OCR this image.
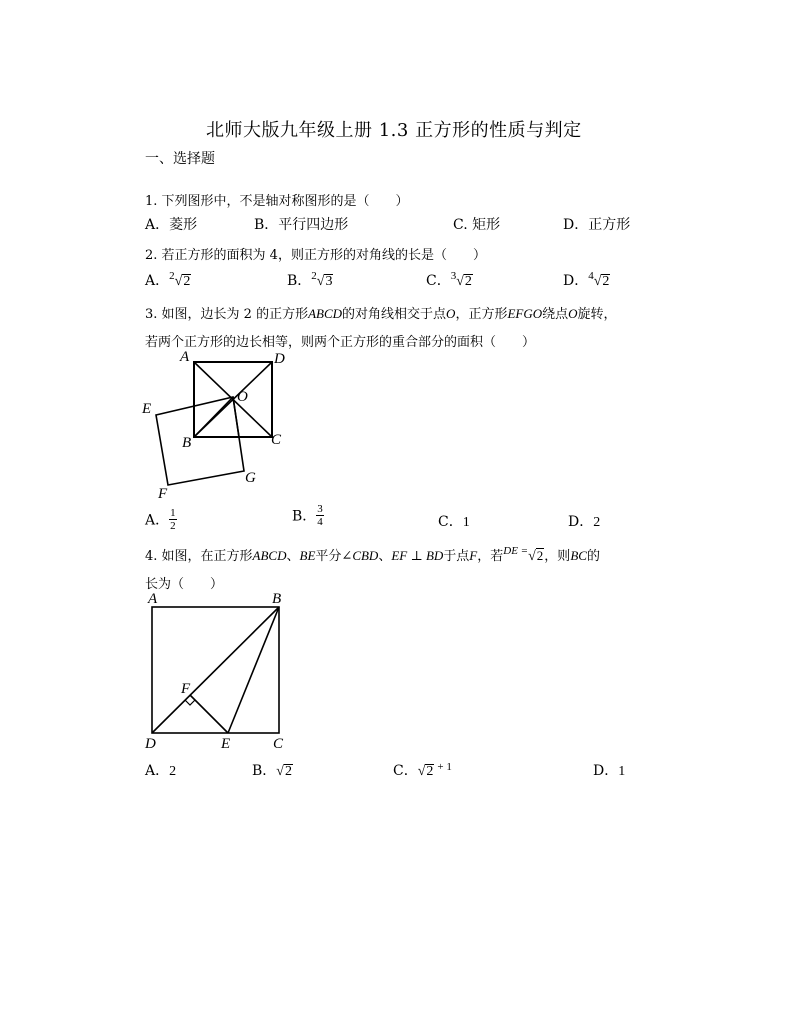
北师大版九年级上册 1.3 正方形的性质与判定
一、选择题
1. 下列图形中，不是轴对称图形的是（　　）
A．菱形	B．平行四边形	C. 矩形	D．正方形
2. 若正方形的面积为 4，则正方形的对角线的长是（　　）
A．$^2$√2	B．$^2$√3	C．$^3$√2	D．$^4$√2
3. 如图，边长为 2 的正方形ABCD的对角线相交于点O，正方形EFGO绕点O旋转，
若两个正方形的边长相等，则两个正方形的重合部分的面积（　　）
A	D
O
E
B	C
G
F
A． $\frac{1}{2}$	B． $\frac{3}{4}$	C．1	D．2
4. 如图，在正方形ABCD、BE平分∠CBD、EF ⊥ BD于点F，若$^{DE =}$√2，则BC的
长为（　　）
A	B
F
D	E	C
A．2	B．√2	C．√2 $^{+ 1}$	D．1
